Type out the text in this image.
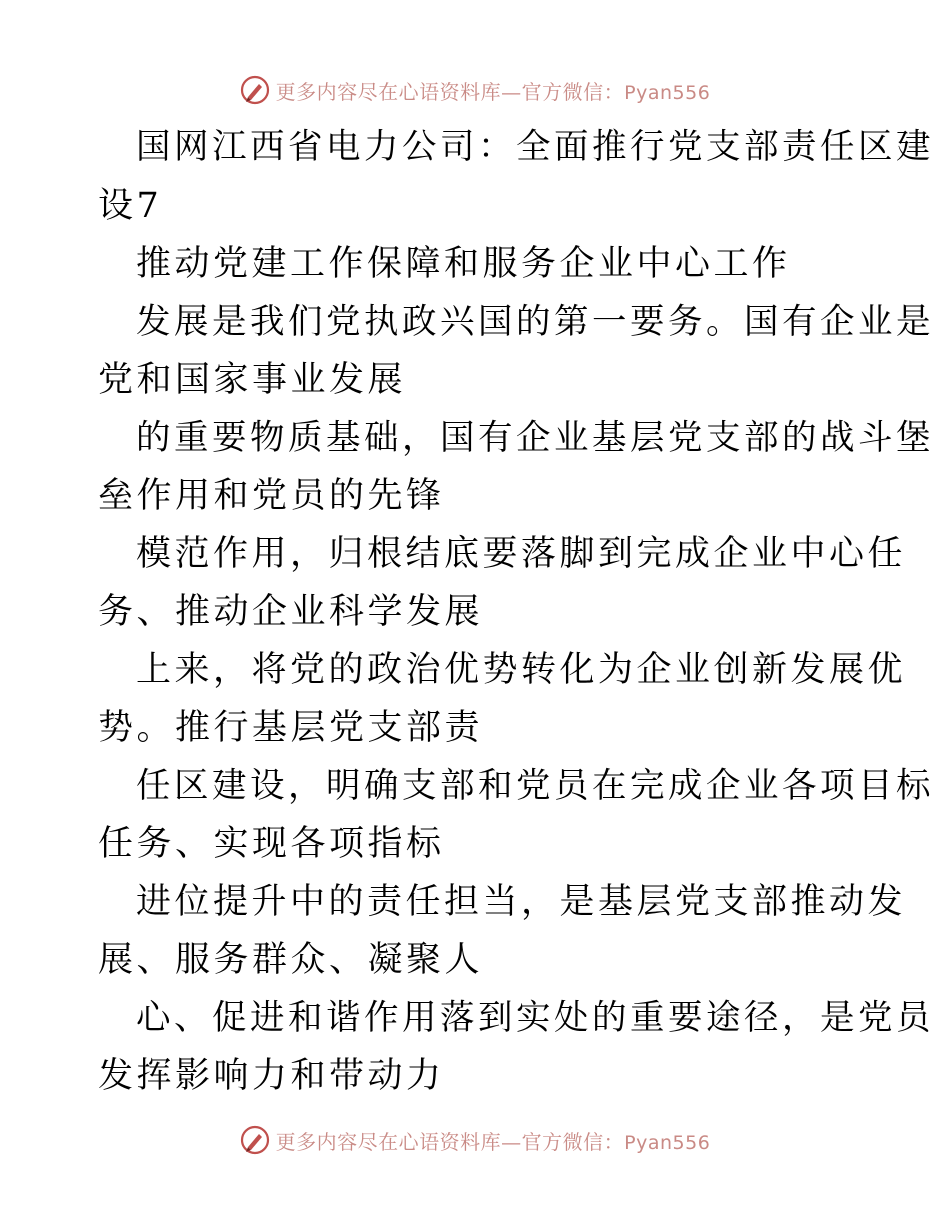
更多内容尽在心语资料库—官方微信：Pyan556
国网江西省电力公司：全面推行党支部责任区建
设7
推动党建工作保障和服务企业中心工作
发展是我们党执政兴国的第一要务。国有企业是
党和国家事业发展
的重要物质基础，国有企业基层党支部的战斗堡
垒作用和党员的先锋
模范作用，归根结底要落脚到完成企业中心任
务、推动企业科学发展
上来，将党的政治优势转化为企业创新发展优
势。推行基层党支部责
任区建设，明确支部和党员在完成企业各项目标
任务、实现各项指标
进位提升中的责任担当，是基层党支部推动发
展、服务群众、凝聚人
心、促进和谐作用落到实处的重要途径，是党员
发挥影响力和带动力
更多内容尽在心语资料库—官方微信：Pyan556
